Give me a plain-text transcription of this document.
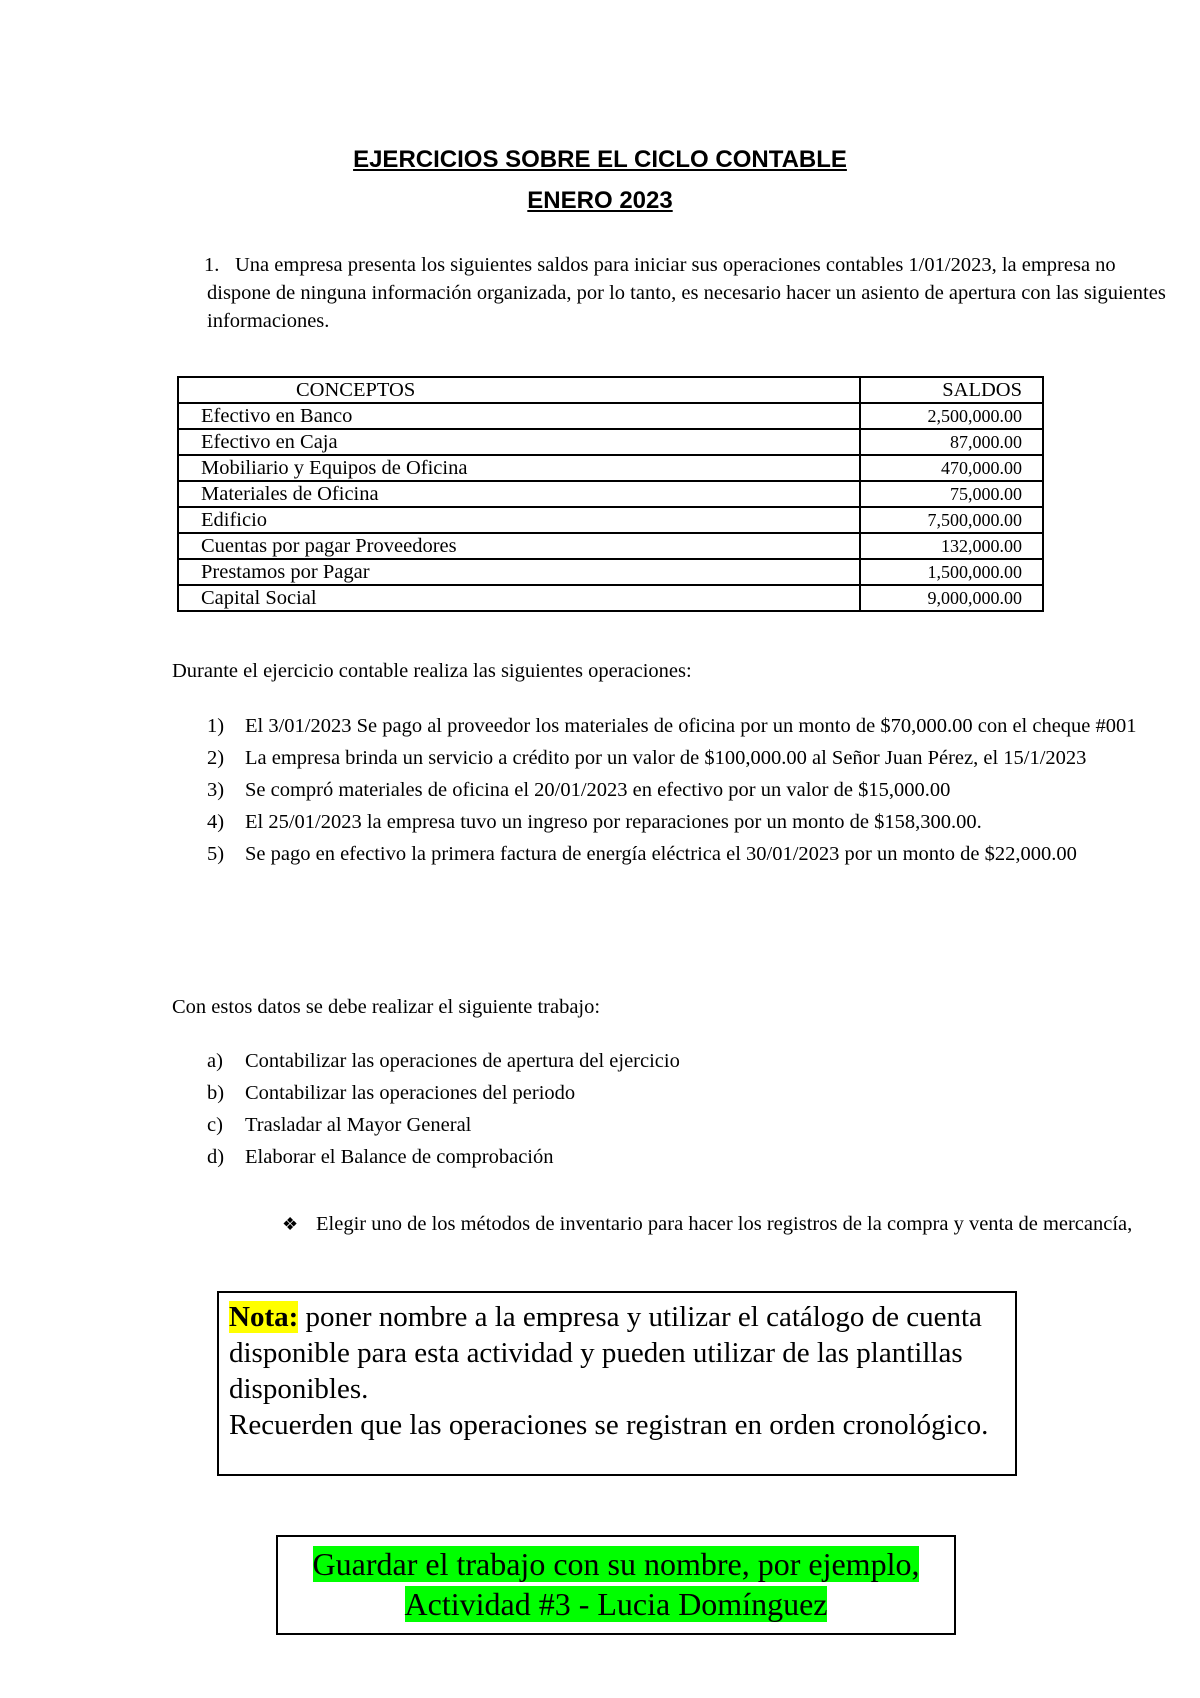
EJERCICIOS SOBRE EL CICLO CONTABLE
ENERO 2023
1. Una empresa presenta los siguientes saldos para iniciar sus operaciones contables 1/01/2023, la empresa no dispone de ninguna información organizada, por lo tanto, es necesario hacer un asiento de apertura con las siguientes informaciones.
CONCEPTOS	SALDOS
Efectivo en Banco	2,500,000.00
Efectivo en Caja	87,000.00
Mobiliario y Equipos de Oficina	470,000.00
Materiales de Oficina	75,000.00
Edificio	7,500,000.00
Cuentas por pagar Proveedores	132,000.00
Prestamos por Pagar	1,500,000.00
Capital Social	9,000,000.00

Durante el ejercicio contable realiza las siguientes operaciones:

1) El 3/01/2023 Se pago al proveedor los materiales de oficina por un monto de $70,000.00 con el cheque #001
2) La empresa brinda un servicio a crédito por un valor de $100,000.00 al Señor Juan Pérez, el 15/1/2023
3) Se compró materiales de oficina el 20/01/2023 en efectivo por un valor de $15,000.00
4) El 25/01/2023 la empresa tuvo un ingreso por reparaciones por un monto de $158,300.00.
5) Se pago en efectivo la primera factura de energía eléctrica el 30/01/2023 por un monto de $22,000.00

Con estos datos se debe realizar el siguiente trabajo:

a) Contabilizar las operaciones de apertura del ejercicio
b) Contabilizar las operaciones del periodo
c) Trasladar al Mayor General
d) Elaborar el Balance de comprobación
❖ Elegir uno de los métodos de inventario para hacer los registros de la compra y venta de mercancía,
Nota: poner nombre a la empresa y utilizar el catálogo de cuenta disponible para esta actividad y pueden utilizar de las plantillas disponibles.
Recuerden que las operaciones se registran en orden cronológico.
Guardar el trabajo con su nombre, por ejemplo, Actividad #3 - Lucia Domínguez
